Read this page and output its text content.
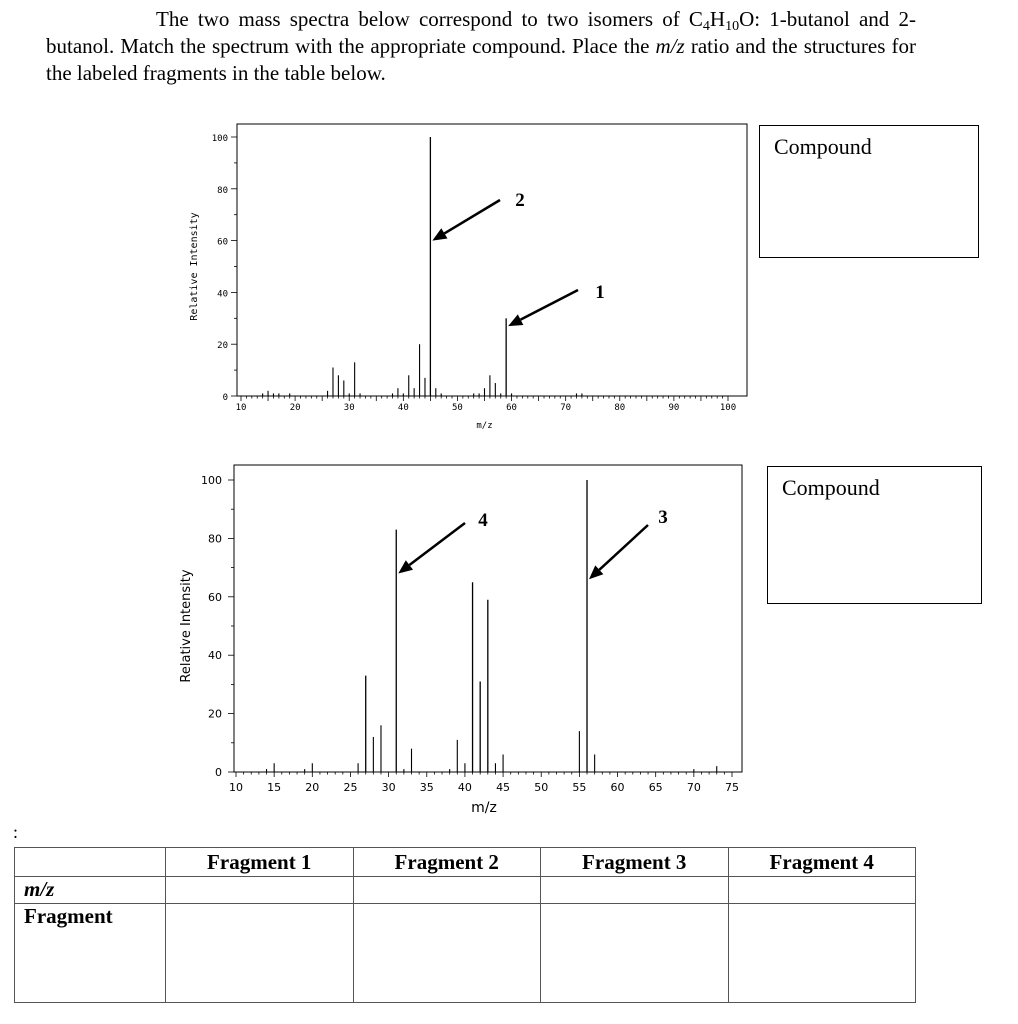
The two mass spectra below correspond to two isomers of $C_4H_{10}O$: 1-butanol and 2-butanol. Match the spectrum with the appropriate compound. Place the m/z ratio and the structures for the labeled fragments in the table below.

10	20	30	40	50	60	70	80	90	100
0
20
40
60
80
100
m/z
Relative Intensity
2
1
10 15 20 25 30 35 40 45 50 55 60 65 70 75
0
20
40
60
80
100
m/z
Relative Intensity
4	3
Compound
Compound
:
	Fragment 1	Fragment 2	Fragment 3	Fragment 4
m/z				
Fragment				
